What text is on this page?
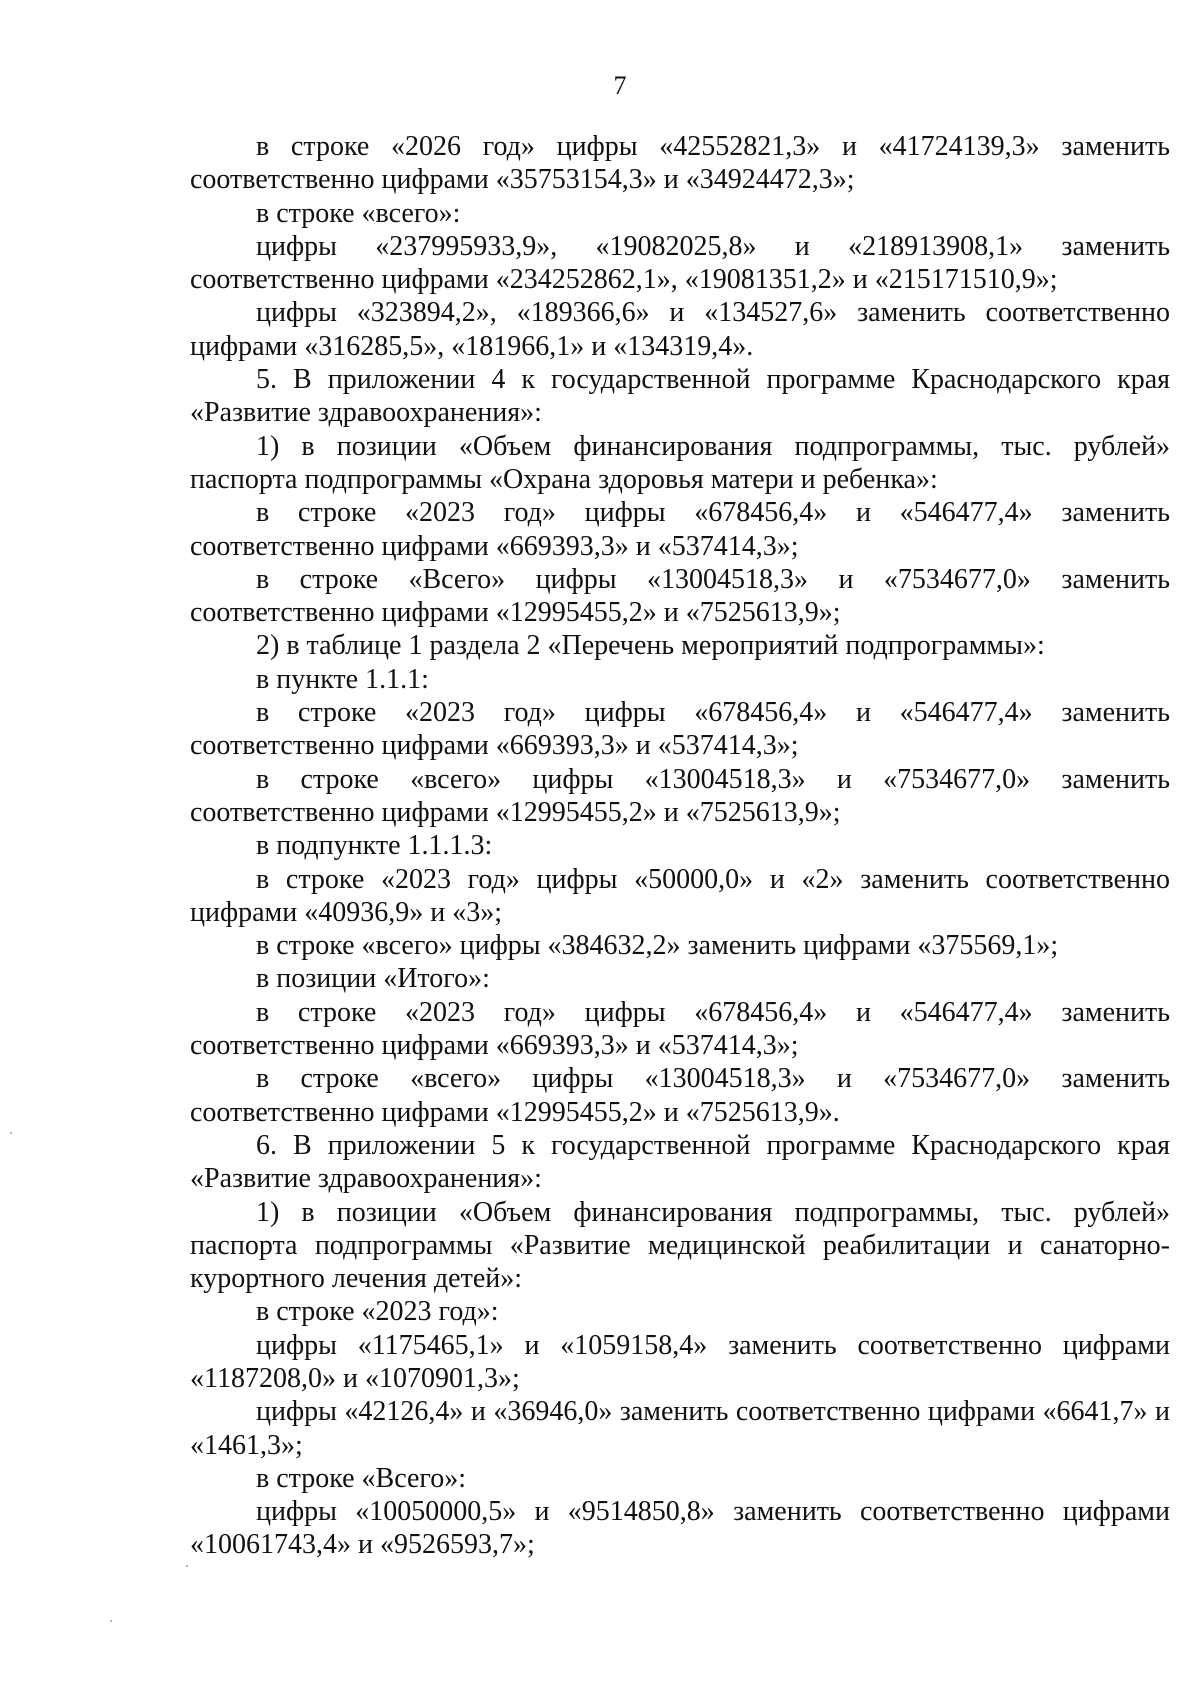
7

в строке «2026 год» цифры «42552821,3» и «41724139,3» заменить соответственно цифрами «35753154,3» и «34924472,3»;

в строке «всего»:

цифры «237995933,9», «19082025,8» и «218913908,1» заменить соответственно цифрами «234252862,1», «19081351,2» и «215171510,9»;

цифры «323894,2», «189366,6» и «134527,6» заменить соответственно цифрами «316285,5», «181966,1» и «134319,4».

5. В приложении 4 к государственной программе Краснодарского края «Развитие здравоохранения»:

1) в позиции «Объем финансирования подпрограммы, тыс. рублей» паспорта подпрограммы «Охрана здоровья матери и ребенка»:

в строке «2023 год» цифры «678456,4» и «546477,4» заменить соответственно цифрами «669393,3» и «537414,3»;

в строке «Всего» цифры «13004518,3» и «7534677,0» заменить соответственно цифрами «12995455,2» и «7525613,9»;

2) в таблице 1 раздела 2 «Перечень мероприятий подпрограммы»:

в пункте 1.1.1:

в строке «2023 год» цифры «678456,4» и «546477,4» заменить соответственно цифрами «669393,3» и «537414,3»;

в строке «всего» цифры «13004518,3» и «7534677,0» заменить соответственно цифрами «12995455,2» и «7525613,9»;

в подпункте 1.1.1.3:

в строке «2023 год» цифры «50000,0» и «2» заменить соответственно цифрами «40936,9» и «3»;

в строке «всего» цифры «384632,2» заменить цифрами «375569,1»;

в позиции «Итого»:

в строке «2023 год» цифры «678456,4» и «546477,4» заменить соответственно цифрами «669393,3» и «537414,3»;

в строке «всего» цифры «13004518,3» и «7534677,0» заменить соответственно цифрами «12995455,2» и «7525613,9».

6. В приложении 5 к государственной программе Краснодарского края «Развитие здравоохранения»:

1) в позиции «Объем финансирования подпрограммы, тыс. рублей» паспорта подпрограммы «Развитие медицинской реабилитации и санаторно-курортного лечения детей»:

в строке «2023 год»:

цифры «1175465,1» и «1059158,4» заменить соответственно цифрами «1187208,0» и «1070901,3»;

цифры «42126,4» и «36946,0» заменить соответственно цифрами «6641,7» и «1461,3»;

в строке «Всего»:

цифры «10050000,5» и «9514850,8» заменить соответственно цифрами «10061743,4» и «9526593,7»;
